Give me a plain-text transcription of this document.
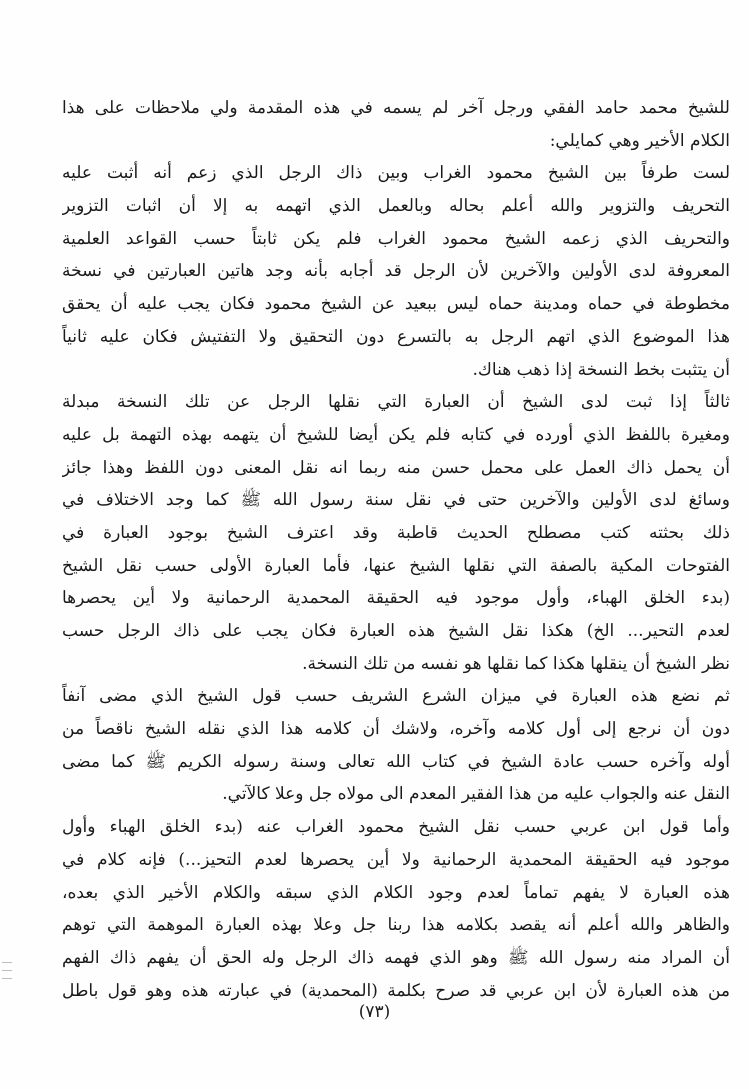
للشيخ محمد حامد الفقي ورجل آخر لم يسمه في هذه المقدمة ولي ملاحظات على هذا
الكلام الأخير وهي كمايلي:
لست طرفاً بين الشيخ محمود الغراب وبين ذاك الرجل الذي زعم أنه أثبت عليه
التحريف والتزوير والله أعلم بحاله وبالعمل الذي اتهمه به إلا أن اثبات التزوير
والتحريف الذي زعمه الشيخ محمود الغراب فلم يكن ثابتاً حسب القواعد العلمية
المعروفة لدى الأولين والآخرين لأن الرجل قد أجابه بأنه وجد هاتين العبارتين في نسخة
مخطوطة في حماه ومدينة حماه ليس ببعيد عن الشيخ محمود فكان يجب عليه أن يحقق
هذا الموضوع الذي اتهم الرجل به بالتسرع دون التحقيق ولا التفتيش فكان عليه ثانياً
أن يتثبت بخط النسخة إذا ذهب هناك.
ثالثاً إذا ثبت لدى الشيخ أن العبارة التي نقلها الرجل عن تلك النسخة مبدلة
ومغيرة باللفظ الذي أورده في كتابه فلم يكن أيضا للشيخ أن يتهمه بهذه التهمة بل عليه
أن يحمل ذاك العمل على محمل حسن منه ربما انه نقل المعنى دون اللفظ وهذا جائز
وسائغ لدى الأولين والآخرين حتى في نقل سنة رسول الله ﷺ كما وجد الاختلاف في
ذلك بحثته كتب مصطلح الحديث قاطبة وقد اعترف الشيخ بوجود العبارة في
الفتوحات المكية بالصفة التي نقلها الشيخ عنها، فأما العبارة الأولى حسب نقل الشيخ
(بدء الخلق الهباء، وأول موجود فيه الحقيقة المحمدية الرحمانية ولا أين يحصرها
لعدم التحير... الخ) هكذا نقل الشيخ هذه العبارة فكان يجب على ذاك الرجل حسب
نظر الشيخ أن ينقلها هكذا كما نقلها هو نفسه من تلك النسخة.
ثم نضع هذه العبارة في ميزان الشرع الشريف حسب قول الشيخ الذي مضى آنفاً
دون أن نرجع إلى أول كلامه وآخره، ولاشك أن كلامه هذا الذي نقله الشيخ ناقصاً من
أوله وآخره حسب عادة الشيخ في كتاب الله تعالى وسنة رسوله الكريم ﷺ كما مضى
النقل عنه والجواب عليه من هذا الفقير المعدم الى مولاه جل وعلا كالآتي.
وأما قول ابن عربي حسب نقل الشيخ محمود الغراب عنه (بدء الخلق الهباء وأول
موجود فيه الحقيقة المحمدية الرحمانية ولا أين يحصرها لعدم التحيز...) فإنه كلام في
هذه العبارة لا يفهم تماماً لعدم وجود الكلام الذي سبقه والكلام الأخير الذي بعده،
والظاهر والله أعلم أنه يقصد بكلامه هذا ربنا جل وعلا بهذه العبارة الموهمة التي توهم
أن المراد منه رسول الله ﷺ وهو الذي فهمه ذاك الرجل وله الحق أن يفهم ذاك الفهم
من هذه العبارة لأن ابن عربي قد صرح بكلمة (المحمدية) في عبارته هذه وهو قول باطل
(٧٣)
